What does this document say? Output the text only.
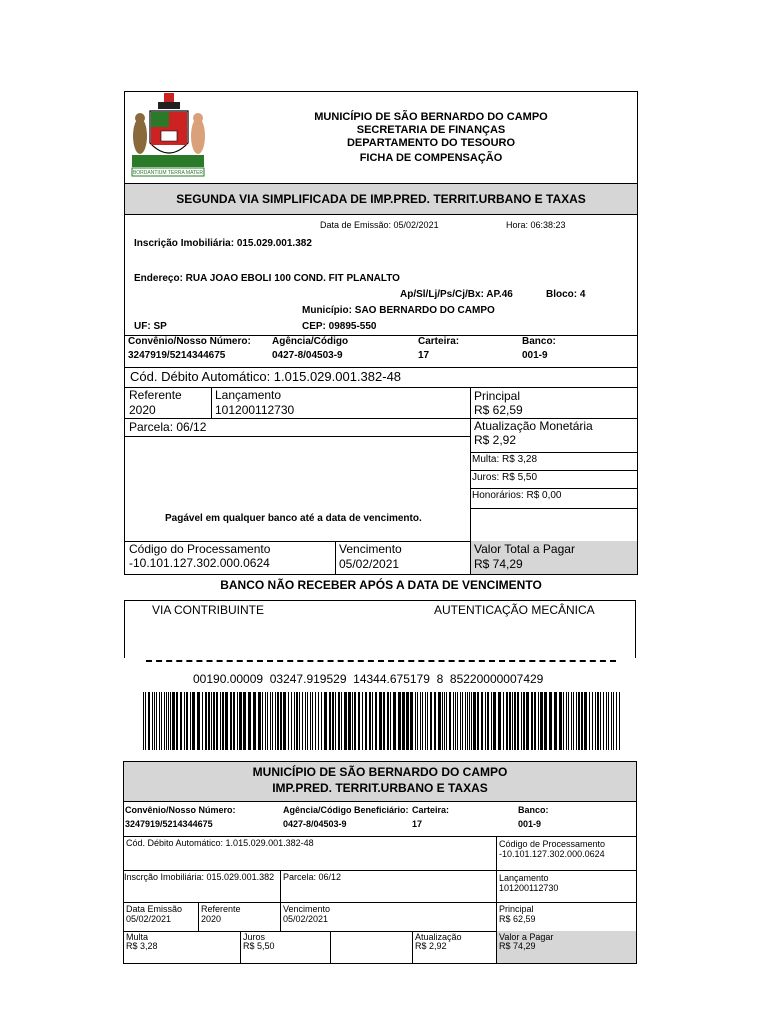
BORDANTIUM TERRA MATER
MUNICÍPIO DE SÃO BERNARDO DO CAMPO
SECRETARIA DE FINANÇAS
DEPARTAMENTO DO TESOURO
FICHA DE COMPENSAÇÃO
SEGUNDA VIA SIMPLIFICADA DE IMP.PRED. TERRIT.URBANO E TAXAS
Data de Emissão: 05/02/2021	Hora: 06:38:23
Inscrição Imobiliária: 015.029.001.382
Endereço: RUA JOAO EBOLI 100 COND. FIT PLANALTO
Ap/Sl/Lj/Ps/Cj/Bx: AP.46	Bloco: 4
Município: SAO BERNARDO DO CAMPO
UF: SP	CEP: 09895-550
Convênio/Nosso Número:
3247919/5214344675
Agência/Código
0427-8/04503-9
Carteira:
17
Banco:
001-9
Cód. Débito Automático: 1.015.029.001.382-48
Referente
2020
Lançamento
101200112730
Principal
R$ 62,59
Parcela: 06/12	Atualização Monetária
R$ 2,92
Multa: R$ 3,28
Juros: R$ 5,50
Honorários: R$ 0,00
Pagável em qualquer banco até a data de vencimento.
Código do Processamento
-10.101.127.302.000.0624
Vencimento
05/02/2021
Valor Total a Pagar
R$ 74,29
BANCO NÃO RECEBER APÓS A DATA DE VENCIMENTO
VIA CONTRIBUINTE	AUTENTICAÇÃO MECÂNICA
00190.00009  03247.919529  14344.675179  8  85220000007429
MUNICÍPIO DE SÃO BERNARDO DO CAMPO
IMP.PRED. TERRIT.URBANO E TAXAS
Convênio/Nosso Número:
3247919/5214344675
Agência/Código Beneficiário:
0427-8/04503-9
Carteira:
17
Banco:
001-9
Cód. Débito Automático: 1.015.029.001.382-48	Código de Processamento
-10.101.127.302.000.0624
Inscrção Imobiliária: 015.029.001.382 Parcela: 06/12	Lançamento
101200112730
Data Emissão
05/02/2021
Referente
2020
Vencimento
05/02/2021
Principal
R$ 62,59
Multa
R$ 3,28
Juros
R$ 5,50
Atualização
R$ 2,92
Valor a Pagar
R$ 74,29
